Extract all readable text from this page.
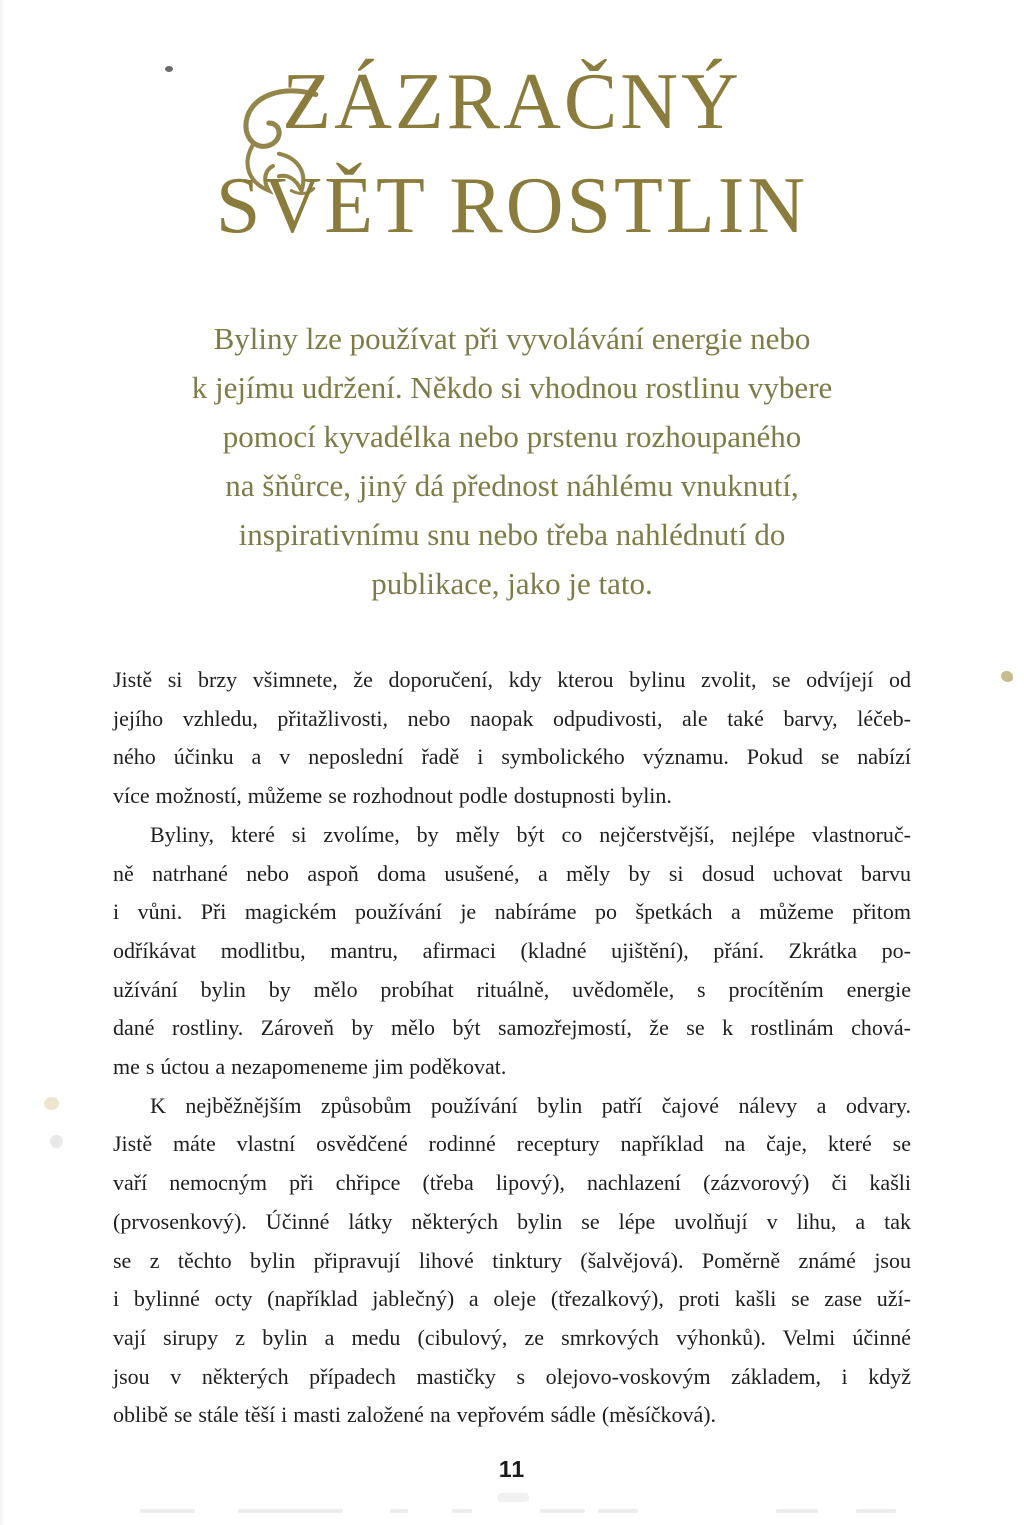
ZÁZRAČNÝ
SVĚT ROSTLIN
Byliny lze používat při vyvolávání energie nebo
k jejímu udržení. Někdo si vhodnou rostlinu vybere
pomocí kyvadélka nebo prstenu rozhoupaného
na šňůrce, jiný dá přednost náhlému vnuknutí,
inspirativnímu snu nebo třeba nahlédnutí do
publikace, jako je tato.
Jistě si brzy všimnete, že doporučení, kdy kterou bylinu zvolit, se odvíjejí od
jejího vzhledu, přitažlivosti, nebo naopak odpudivosti, ale také barvy, léčeb-
ného účinku a v neposlední řadě i symbolického významu. Pokud se nabízí
více možností, můžeme se rozhodnout podle dostupnosti bylin.
Byliny, které si zvolíme, by měly být co nejčerstvější, nejlépe vlastnoruč-
ně natrhané nebo aspoň doma usušené, a měly by si dosud uchovat barvu
i vůni. Při magickém používání je nabíráme po špetkách a můžeme přitom
odříkávat modlitbu, mantru, afirmaci (kladné ujištění), přání. Zkrátka po-
užívání bylin by mělo probíhat rituálně, uvědoměle, s procítěním energie
dané rostliny. Zároveň by mělo být samozřejmostí, že se k rostlinám chová-
me s úctou a nezapomeneme jim poděkovat.
K nejběžnějším způsobům používání bylin patří čajové nálevy a odvary.
Jistě máte vlastní osvědčené rodinné receptury například na čaje, které se
vaří nemocným při chřipce (třeba lipový), nachlazení (zázvorový) či kašli
(prvosenkový). Účinné látky některých bylin se lépe uvolňují v lihu, a tak
se z těchto bylin připravují lihové tinktury (šalvějová). Poměrně známé jsou
i bylinné octy (například jablečný) a oleje (třezalkový), proti kašli se zase uží-
vají sirupy z bylin a medu (cibulový, ze smrkových výhonků). Velmi účinné
jsou v některých případech mastičky s olejovo-voskovým základem, i když
oblibě se stále těší i masti založené na vepřovém sádle (měsíčková).
11
